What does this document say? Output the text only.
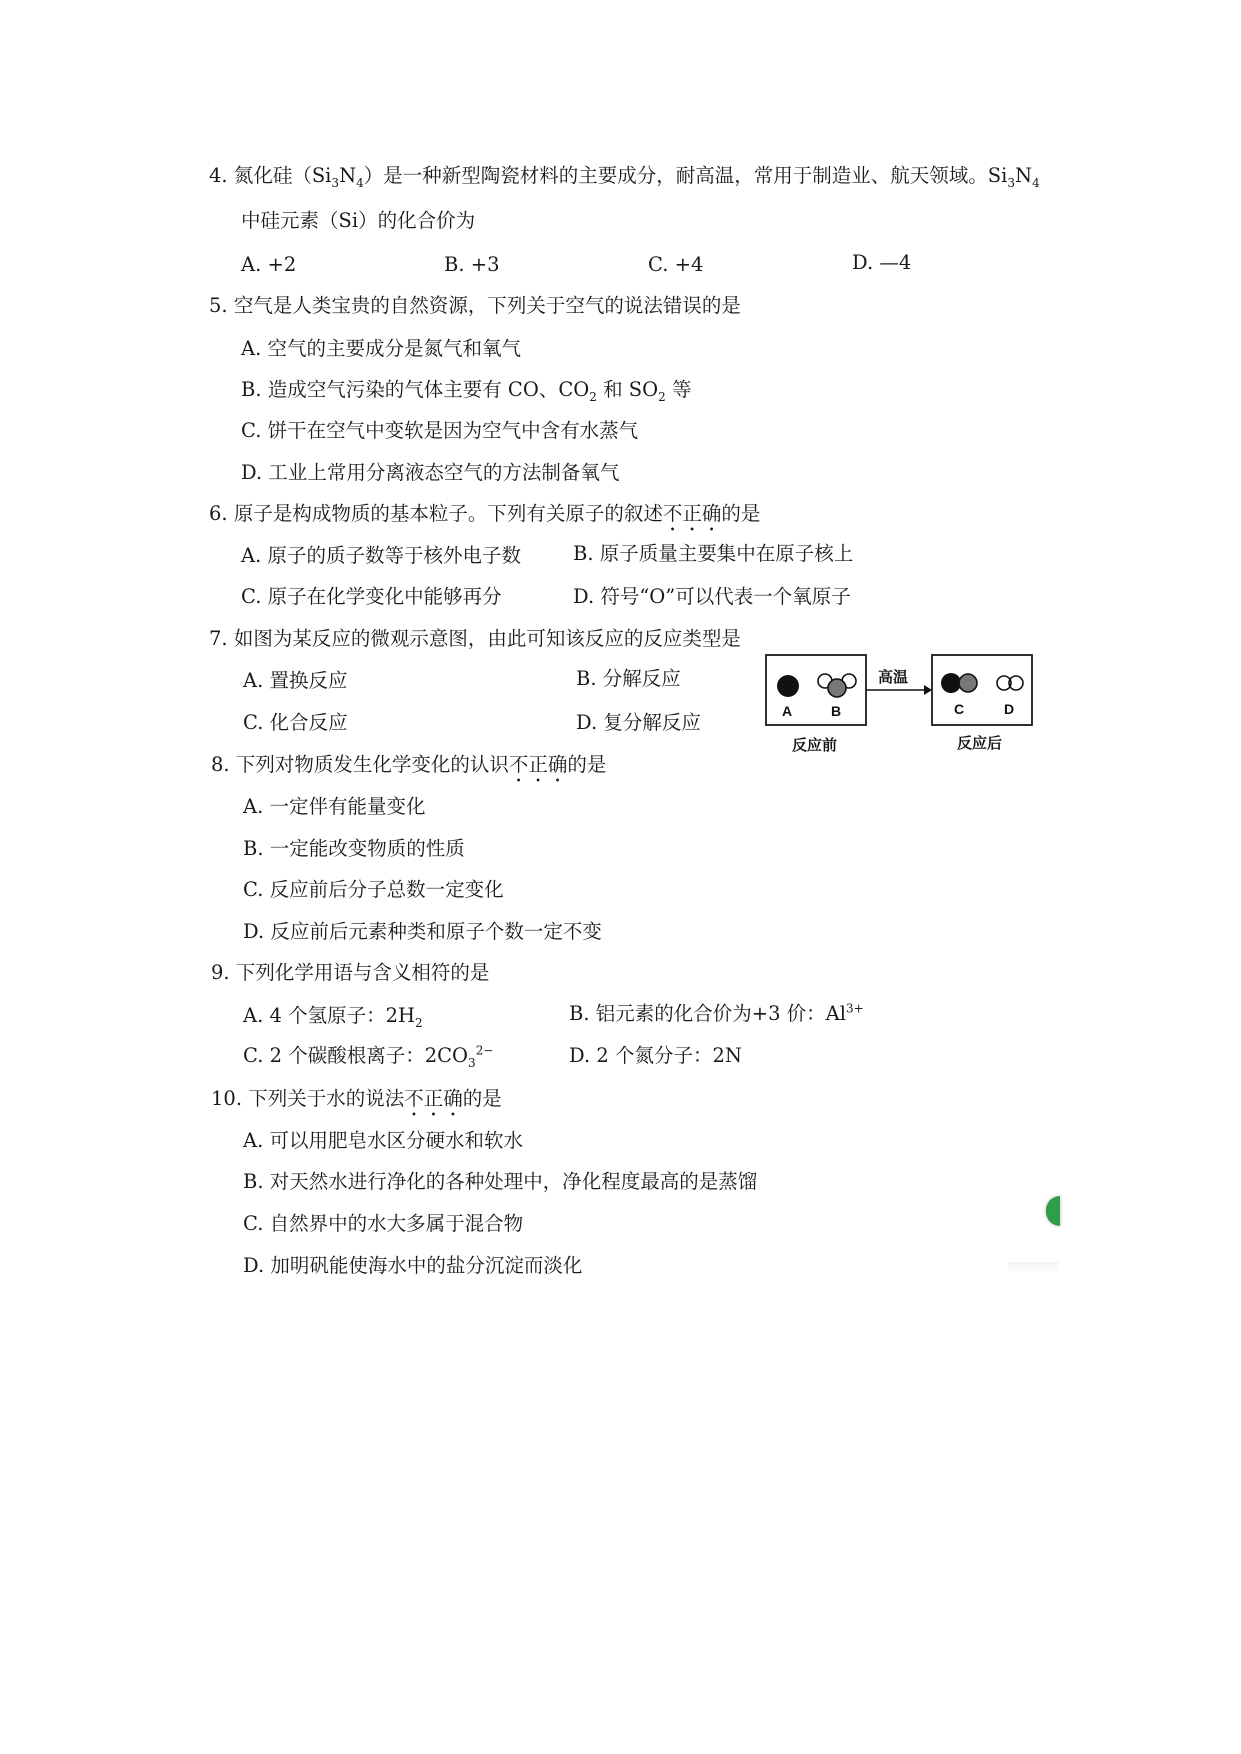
4. 氮化硅$(Si_3N_4)$是一种新型陶瓷材料的主要成分，耐高温，常用于制造业、航天领域。$Si_3N_4$
中硅元素（Si）的化合价为
A. +2	B. +3	C. +4	D. —4
5. 空气是人类宝贵的自然资源，下列关于空气的说法错误的是
A. 空气的主要成分是氮气和氧气
B. 造成空气污染的气体主要有 CO、$CO_2$ 和 $SO_2$ 等
C. 饼干在空气中变软是因为空气中含有水蒸气
D. 工业上常用分离液态空气的方法制备氧气
6. 原子是构成物质的基本粒子。下列有关原子的叙述不正确的是
A. 原子的质子数等于核外电子数	B. 原子质量主要集中在原子核上
C. 原子在化学变化中能够再分	D. 符号“O”可以代表一个氧原子
7. 如图为某反应的微观示意图，由此可知该反应的反应类型是
A. 置换反应	B. 分解反应
C. 化合反应	D. 复分解反应	A	B
高温
C	D
反应前	反应后
8. 下列对物质发生化学变化的认识不正确的是
A. 一定伴有能量变化
B. 一定能改变物质的性质
C. 反应前后分子总数一定变化
D. 反应前后元素种类和原子个数一定不变
9. 下列化学用语与含义相符的是
A. 4 个氢原子：$2H_2$	B. 铝元素的化合价为+3 价：$Al^{3+}$
C. 2 个碳酸根离子：$2CO_3^{2-}$	D. 2 个氮分子：2N
10. 下列关于水的说法不正确的是
A. 可以用肥皂水区分硬水和软水
B. 对天然水进行净化的各种处理中，净化程度最高的是蒸馏
C. 自然界中的水大多属于混合物
D. 加明矾能使海水中的盐分沉淀而淡化
